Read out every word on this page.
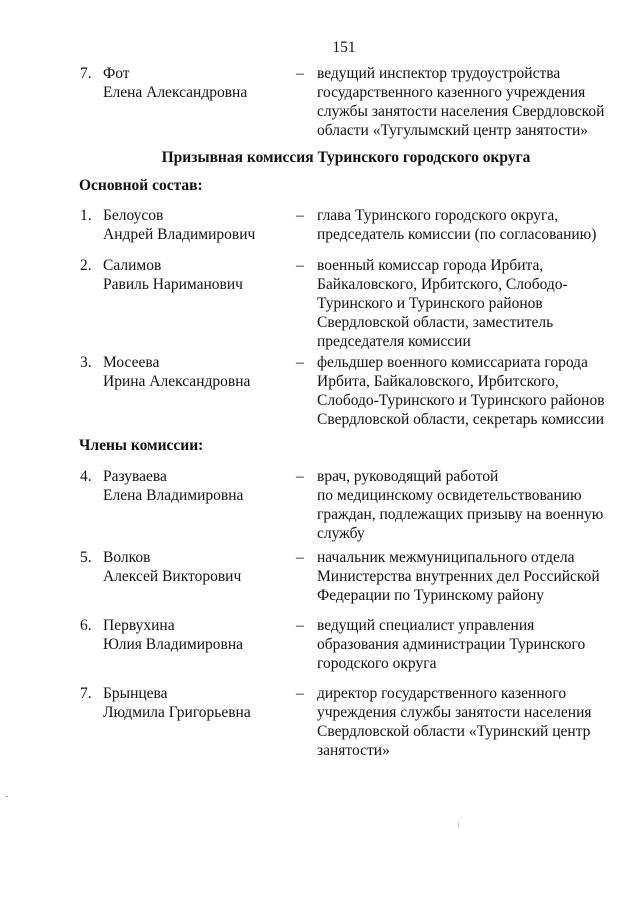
151
7. Фот
Елена Александровна
– ведущий инспектор трудоустройства
государственного казенного учреждения
службы занятости населения Свердловской
области «Тугулымский центр занятости»
Призывная комиссия Туринского городского округа
Основной состав:
1. Белоусов
Андрей Владимирович
– глава Туринского городского округа,
председатель комиссии (по согласованию)
2. Салимов
Равиль Нариманович
– военный комиссар города Ирбита,
Байкаловского, Ирбитского, Слободо-
Туринского и Туринского районов
Свердловской области, заместитель
председателя комиссии
3. Мосеева
Ирина Александровна
– фельдшер военного комиссариата города
Ирбита, Байкаловского, Ирбитского,
Слободо-Туринского и Туринского районов
Свердловской области, секретарь комиссии
Члены комиссии:
4. Разуваева
Елена Владимировна
– врач, руководящий работой
по медицинскому освидетельствованию
граждан, подлежащих призыву на военную
службу
5. Волков
Алексей Викторович
– начальник межмуниципального отдела
Министерства внутренних дел Российской
Федерации по Туринскому району
6. Первухина
Юлия Владимировна
– ведущий специалист управления
образования администрации Туринского
городского округа
7. Брынцева
Людмила Григорьевна
– директор государственного казенного
учреждения службы занятости населения
Свердловской области «Туринский центр
занятости»
